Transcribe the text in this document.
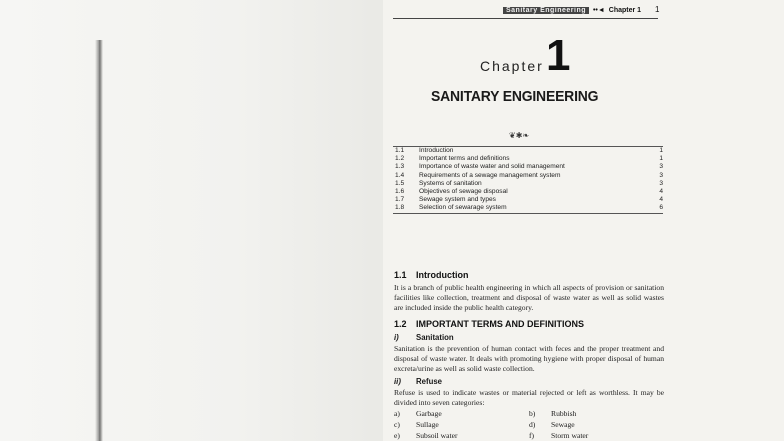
Sanitary Engineering ••◄ Chapter 1 1
Chapter 1
SANITARY ENGINEERING
❦✱❧
1.1	Introduction	1
1.2	Important terms and definitions	1
1.3	Importance of waste water and solid management	3
1.4	Requirements of a sewage management system	3
1.5	Systems of sanitation	3
1.6	Objectives of sewage disposal	4
1.7	Sewage system and types	4
1.8	Selection of sewarage system	6
1.1 Introduction
It is a branch of public health engineering in which all aspects of provision or sanitation facilities like collection, treatment and disposal of waste water as well as solid wastes are included inside the public health category.
1.2 IMPORTANT TERMS AND DEFINITIONS
i) Sanitation
Sanitation is the prevention of human contact with feces and the proper treatment and disposal of waste water. It deals with promoting hygiene with proper disposal of human excreta/urine as well as solid waste collection.
ii) Refuse
Refuse is used to indicate wastes or material rejected or left as worthless. It may be divided into seven categories:
a)	Garbage	b)	Rubbish
c)	Sullage	d)	Sewage
e)	Subsoil water	f)	Storm water
